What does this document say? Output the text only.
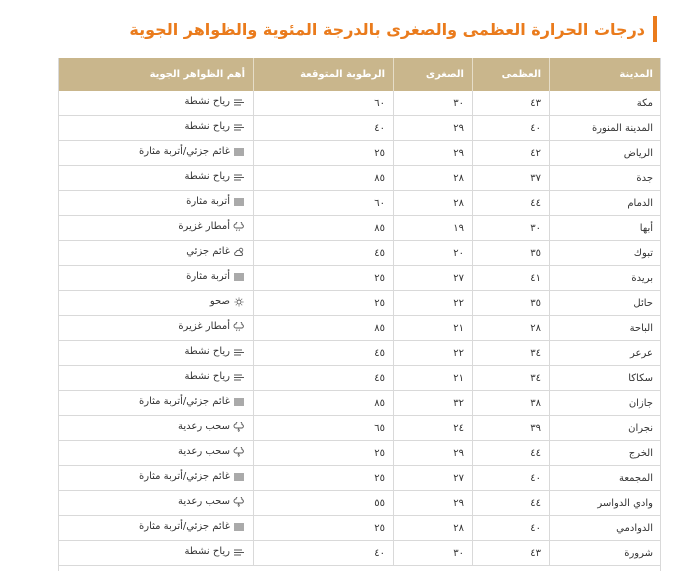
درجات الحرارة العظمى والصغرى بالدرجة المئوية والظواهر الجوية
المدينة	العظمى	الصغرى	الرطوبة المتوقعة	أهم الظواهر الجوية
مكة	٤٣	٣٠	٦٠	رياح نشطة

المدينة المنورة	٤٠	٢٩	٤٠	رياح نشطة

الرياض	٤٢	٢٩	٢٥	غائم جزئي/أتربة مثارة

جدة	٣٧	٢٨	٨٥	رياح نشطة

الدمام	٤٤	٢٨	٦٠	أتربة مثارة

أبها	٣٠	١٩	٨٥	أمطار غزيرة

تبوك	٣٥	٢٠	٤٥	غائم جزئي

بريدة	٤١	٢٧	٢٥	أتربة مثارة

حائل	٣٥	٢٢	٢٥	صحو

الباحة	٢٨	٢١	٨٥	أمطار غزيرة

عرعر	٣٤	٢٢	٤٥	رياح نشطة

سكاكا	٣٤	٢١	٤٥	رياح نشطة

جازان	٣٨	٣٢	٨٥	غائم جزئي/أتربة مثارة

نجران	٣٩	٢٤	٦٥	سحب رعدية

الخرج	٤٤	٢٩	٢٥	سحب رعدية

المجمعة	٤٠	٢٧	٢٥	غائم جزئي/أتربة مثارة

وادي الدواسر	٤٤	٢٩	٥٥	سحب رعدية

الدوادمي	٤٠	٢٨	٢٥	غائم جزئي/أتربة مثارة

شرورة	٤٣	٣٠	٤٠	رياح نشطة
